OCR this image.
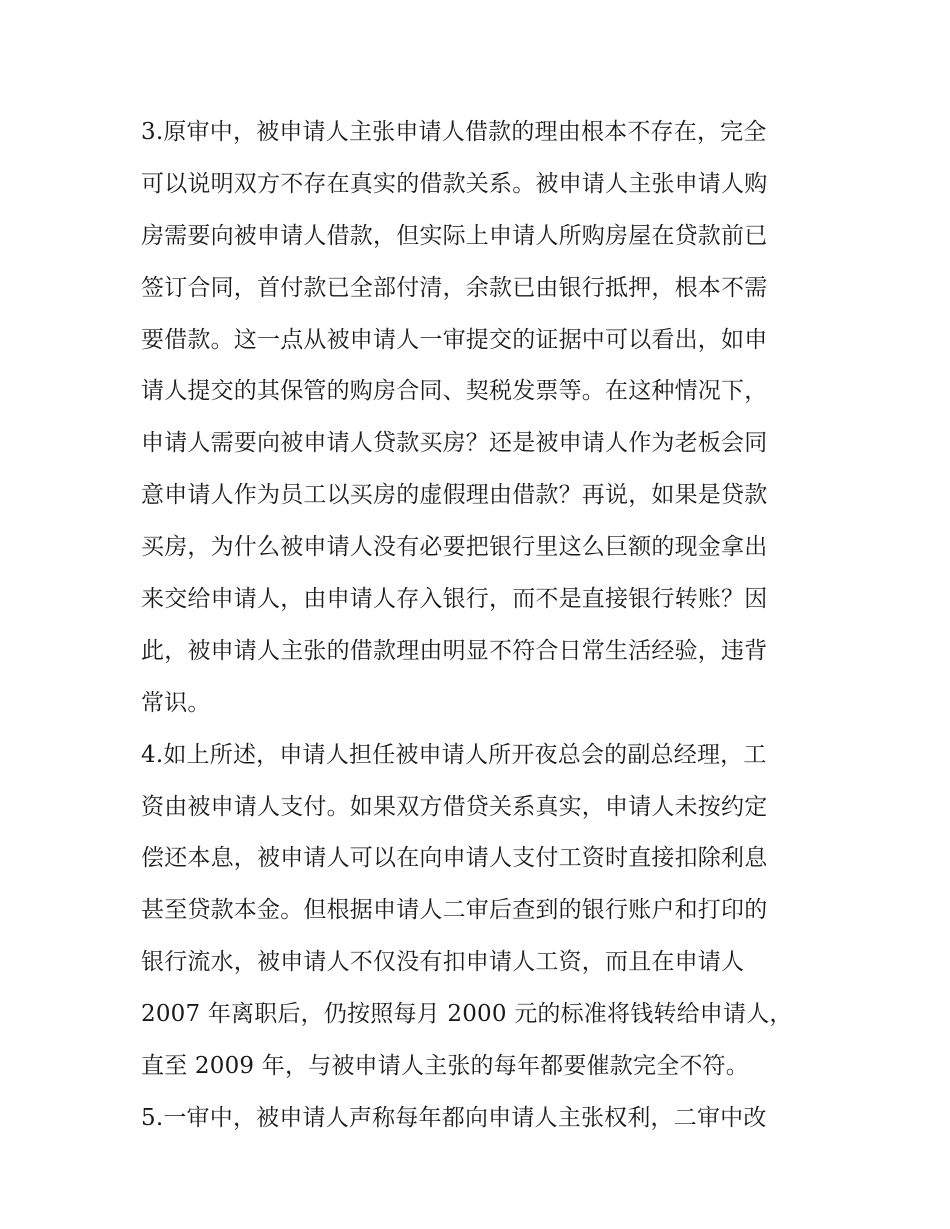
3.原审中，被申请人主张申请人借款的理由根本不存在，完全
可以说明双方不存在真实的借款关系。被申请人主张申请人购
房需要向被申请人借款，但实际上申请人所购房屋在贷款前已
签订合同，首付款已全部付清，余款已由银行抵押，根本不需
要借款。这一点从被申请人一审提交的证据中可以看出，如申
请人提交的其保管的购房合同、契税发票等。在这种情况下，
申请人需要向被申请人贷款买房？还是被申请人作为老板会同
意申请人作为员工以买房的虚假理由借款？再说，如果是贷款
买房，为什么被申请人没有必要把银行里这么巨额的现金拿出
来交给申请人，由申请人存入银行，而不是直接银行转账？因
此，被申请人主张的借款理由明显不符合日常生活经验，违背
常识。
4.如上所述，申请人担任被申请人所开夜总会的副总经理，工
资由被申请人支付。如果双方借贷关系真实，申请人未按约定
偿还本息，被申请人可以在向申请人支付工资时直接扣除利息
甚至贷款本金。但根据申请人二审后查到的银行账户和打印的
银行流水，被申请人不仅没有扣申请人工资，而且在申请人
2007 年离职后，仍按照每月 2000 元的标准将钱转给申请人，
直至 2009 年，与被申请人主张的每年都要催款完全不符。
5.一审中，被申请人声称每年都向申请人主张权利，二审中改
